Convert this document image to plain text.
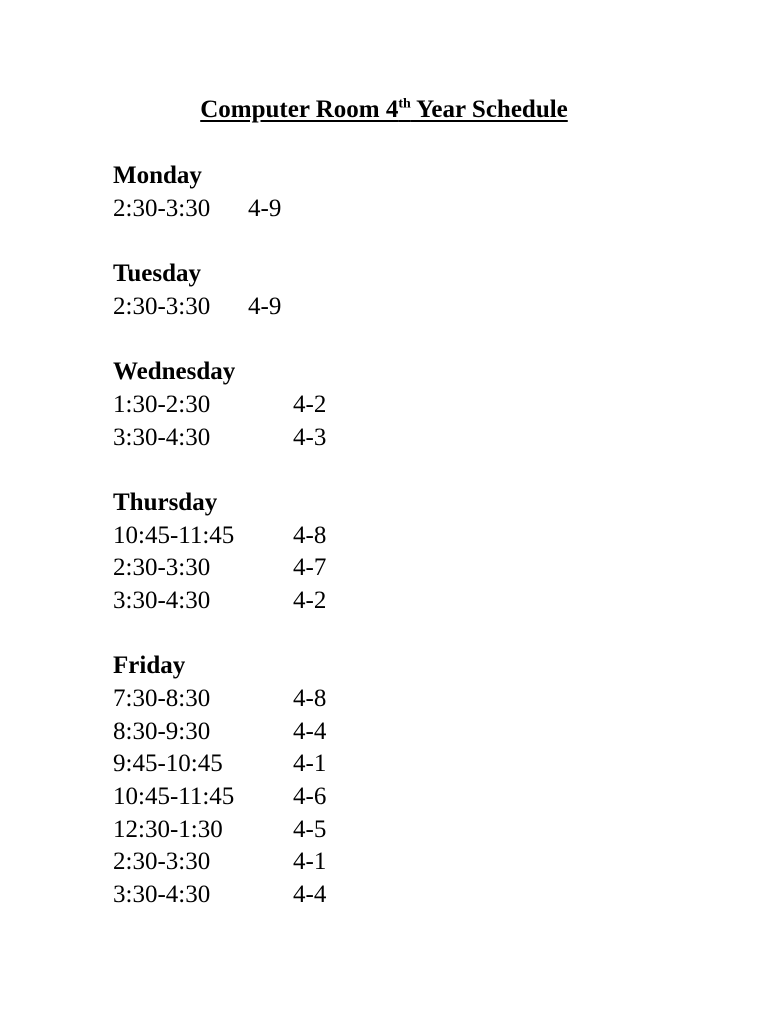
Computer Room 4th Year Schedule
Monday
2:30-3:30 4-9
Tuesday
2:30-3:30 4-9
Wednesday
1:30-2:30	4-2
3:30-4:30	4-3
Thursday
10:45-11:45 4-8
2:30-3:30	4-7
3:30-4:30	4-2
Friday
7:30-8:30	4-8
8:30-9:30	4-4
9:45-10:45	4-1
10:45-11:45 4-6
12:30-1:30	4-5
2:30-3:30	4-1
3:30-4:30	4-4
